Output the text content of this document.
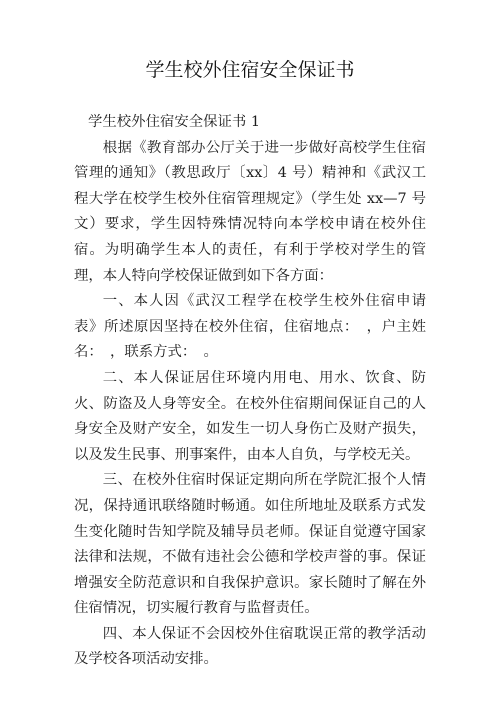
学生校外住宿安全保证书

学生校外住宿安全保证书 1

根据《教育部办公厅关于进一步做好高校学生住宿管理的通知》（教思政厅〔xx〕4 号）精神和《武汉工程大学在校学生校外住宿管理规定》（学生处 xx—7 号文）要求，学生因特殊情况特向本学校申请在校外住宿。为明确学生本人的责任，有利于学校对学生的管理，本人特向学校保证做到如下各方面：

一、本人因《武汉工程学在校学生校外住宿申请表》所述原因坚持在校外住宿，住宿地点：　，户主姓名：　，联系方式：　。

二、本人保证居住环境内用电、用水、饮食、防火、防盗及人身等安全。在校外住宿期间保证自己的人身安全及财产安全，如发生一切人身伤亡及财产损失，以及发生民事、刑事案件，由本人自负，与学校无关。

三、在校外住宿时保证定期向所在学院汇报个人情况，保持通讯联络随时畅通。如住所地址及联系方式发生变化随时告知学院及辅导员老师。保证自觉遵守国家法律和法规，不做有违社会公德和学校声誉的事。保证增强安全防范意识和自我保护意识。家长随时了解在外住宿情况，切实履行教育与监督责任。

四、本人保证不会因校外住宿耽误正常的教学活动及学校各项活动安排。
